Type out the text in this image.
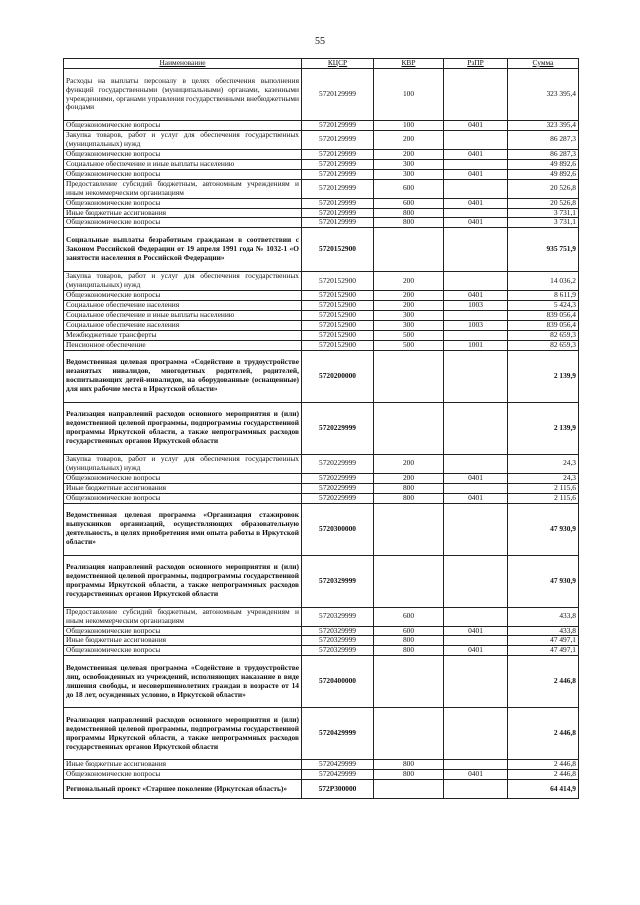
55
Наименование	КЦСР	КВР	РзПР	Сумма
Расходы на выплаты персоналу в целях обеспечения выполнения функций государственными (муниципальными) органами, казенными учреждениями, органами управления государственными внебюджетными фондами	5720129999	100		323 395,4
Общеэкономические вопросы	5720129999	100	0401	323 395,4
Закупка товаров, работ и услуг для обеспечения государственных (муниципальных) нужд	5720129999	200		86 287,3
Общеэкономические вопросы	5720129999	200	0401	86 287,3
Социальное обеспечение и иные выплаты населению	5720129999	300		49 892,6
Общеэкономические вопросы	5720129999	300	0401	49 892,6
Предоставление субсидий бюджетным, автономным учреждениям и иным некоммерческим организациям	5720129999	600		20 526,8
Общеэкономические вопросы	5720129999	600	0401	20 526,8
Иные бюджетные ассигнования	5720129999	800		3 731,1
Общеэкономические вопросы	5720129999	800	0401	3 731,1
Социальные выплаты безработным гражданам в соответствии с Законом Российской Федерации от 19 апреля 1991 года № 1032-1 «О занятости населения в Российской Федерации»	5720152900			935 751,9
Закупка товаров, работ и услуг для обеспечения государственных (муниципальных) нужд	5720152900	200		14 036,2
Общеэкономические вопросы	5720152900	200	0401	8 611,9
Социальное обеспечение населения	5720152900	200	1003	5 424,3
Социальное обеспечение и иные выплаты населению	5720152900	300		839 056,4
Социальное обеспечение населения	5720152900	300	1003	839 056,4
Межбюджетные трансферты	5720152900	500		82 659,3
Пенсионное обеспечение	5720152900	500	1001	82 659,3
Ведомственная целевая программа «Содействие в трудоустройстве незанятых инвалидов, многодетных родителей, родителей, воспитывающих детей-инвалидов, на оборудованные (оснащенные) для них рабочие места в Иркутской области»	5720200000			2 139,9
Реализация направлений расходов основного мероприятия и (или) ведомственной целевой программы, подпрограммы государственной программы Иркутской области, а также непрограммных расходов государственных органов Иркутской области	5720229999			2 139,9
Закупка товаров, работ и услуг для обеспечения государственных (муниципальных) нужд	5720229999	200		24,3
Общеэкономические вопросы	5720229999	200	0401	24,3
Иные бюджетные ассигнования	5720229999	800		2 115,6
Общеэкономические вопросы	5720229999	800	0401	2 115,6
Ведомственная целевая программа «Организация стажировок выпускников организаций, осуществляющих образовательную деятельность, в целях приобретения ими опыта работы в Иркутской области»	5720300000			47 930,9
Реализация направлений расходов основного мероприятия и (или) ведомственной целевой программы, подпрограммы государственной программы Иркутской области, а также непрограммных расходов государственных органов Иркутской области	5720329999			47 930,9
Предоставление субсидий бюджетным, автономным учреждениям и иным некоммерческим организациям	5720329999	600		433,8
Общеэкономические вопросы	5720329999	600	0401	433,8
Иные бюджетные ассигнования	5720329999	800		47 497,1
Общеэкономические вопросы	5720329999	800	0401	47 497,1
Ведомственная целевая программа «Содействие в трудоустройстве лиц, освобожденных из учреждений, исполняющих наказание в виде лишения свободы, и несовершеннолетних граждан в возрасте от 14 до 18 лет, осужденных условно, в Иркутской области»	5720400000			2 446,8
Реализация направлений расходов основного мероприятия и (или) ведомственной целевой программы, подпрограммы государственной программы Иркутской области, а также непрограммных расходов государственных органов Иркутской области	5720429999			2 446,8
Иные бюджетные ассигнования	5720429999	800		2 446,8
Общеэкономические вопросы	5720429999	800	0401	2 446,8
Региональный проект «Старшее поколение (Иркутская область)»	572P300000			64 414,9
